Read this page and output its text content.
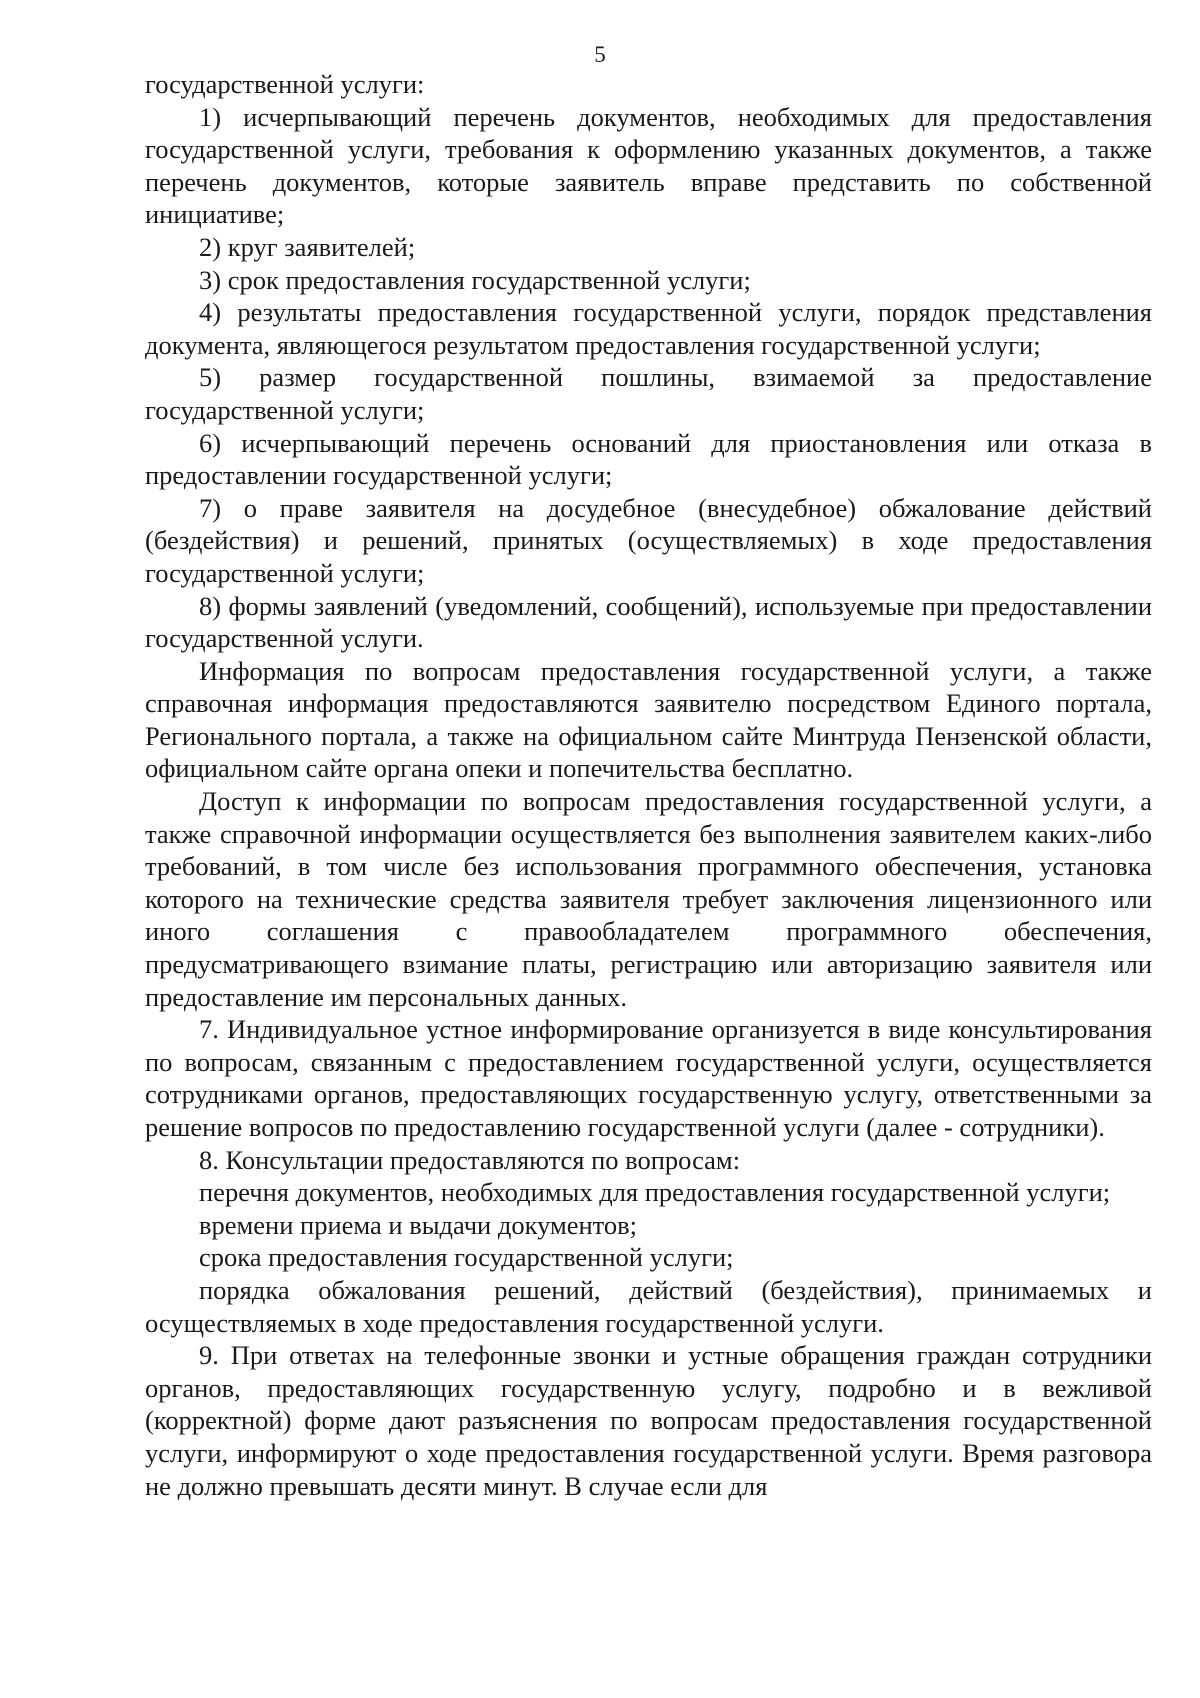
5

государственной услуги:

1) исчерпывающий перечень документов, необходимых для предоставления государственной услуги, требования к оформлению указанных документов, а также перечень документов, которые заявитель вправе представить по собственной инициативе;

2) круг заявителей;

3) срок предоставления государственной услуги;

4) результаты предоставления государственной услуги, порядок представления документа, являющегося результатом предоставления государственной услуги;

5) размер государственной пошлины, взимаемой за предоставление государственной услуги;

6) исчерпывающий перечень оснований для приостановления или отказа в предоставлении государственной услуги;

7) о праве заявителя на досудебное (внесудебное) обжалование действий (бездействия) и решений, принятых (осуществляемых) в ходе предоставления государственной услуги;

8) формы заявлений (уведомлений, сообщений), используемые при предоставлении государственной услуги.

Информация по вопросам предоставления государственной услуги, а также справочная информация предоставляются заявителю посредством Единого портала, Регионального портала, а также на официальном сайте Минтруда Пензенской области, официальном сайте органа опеки и попечительства бесплатно.

Доступ к информации по вопросам предоставления государственной услуги, а также справочной информации осуществляется без выполнения заявителем каких-либо требований, в том числе без использования программного обеспечения, установка которого на технические средства заявителя требует заключения лицензионного или иного соглашения с правообладателем программного обеспечения, предусматривающего взимание платы, регистрацию или авторизацию заявителя или предоставление им персональных данных.

7. Индивидуальное устное информирование организуется в виде консультирования по вопросам, связанным с предоставлением государственной услуги, осуществляется сотрудниками органов, предоставляющих государственную услугу, ответственными за решение вопросов по предоставлению государственной услуги (далее - сотрудники).

8. Консультации предоставляются по вопросам:

перечня документов, необходимых для предоставления государственной услуги;

времени приема и выдачи документов;

срока предоставления государственной услуги;

порядка обжалования решений, действий (бездействия), принимаемых и осуществляемых в ходе предоставления государственной услуги.

9. При ответах на телефонные звонки и устные обращения граждан сотрудники органов, предоставляющих государственную услугу, подробно и в вежливой (корректной) форме дают разъяснения по вопросам предоставления государственной услуги, информируют о ходе предоставления государственной услуги. Время разговора не должно превышать десяти минут. В случае если для
